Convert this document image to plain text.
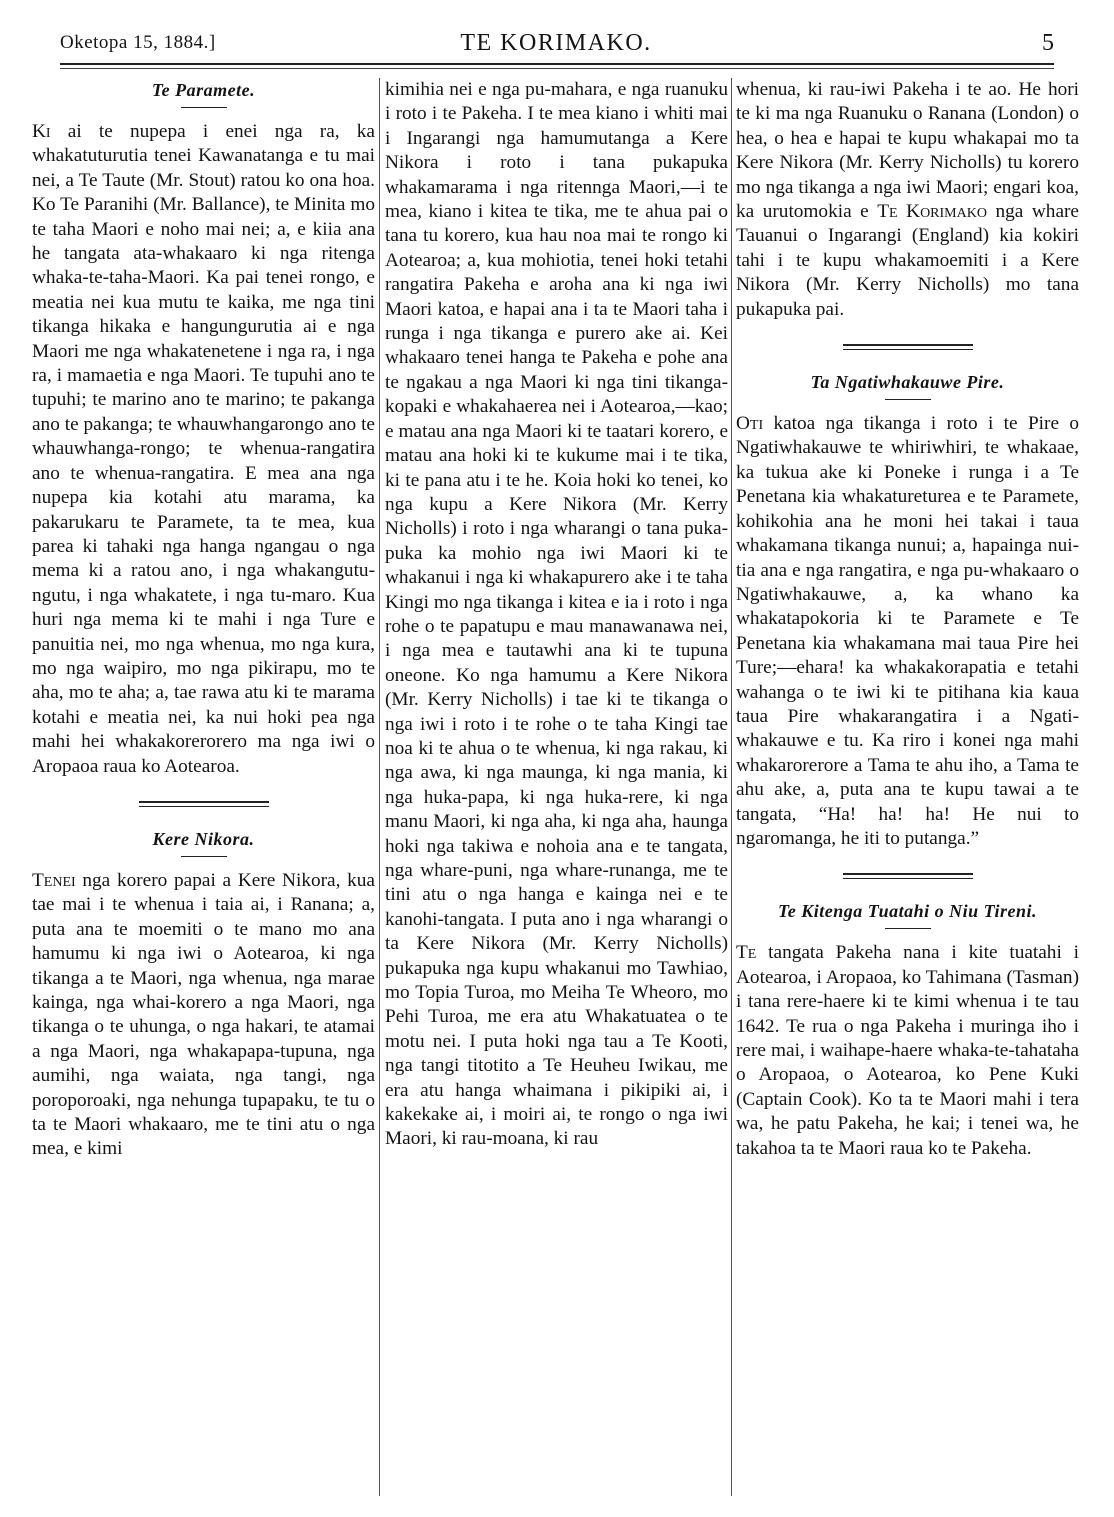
Oketopa 15, 1884.]	TE KORIMAKO.	5
Te Paramete.

Ki ai te nupepa i enei nga ra, ka whakatuturutia tenei Kawanatanga e tu mai nei, a Te Taute (Mr. Stout) ratou ko ona hoa. Ko Te Paranihi (Mr. Ballance), te Minita mo te taha Maori e noho mai nei; a, e kiia ana he tangata ata-whakaaro ki nga ritenga whaka-te-taha-Maori. Ka pai tenei rongo, e meatia nei kua mutu te kaika, me nga tini tikanga hikaka e hangungurutia ai e nga Maori me nga whakatenetene i nga ra, i nga ra, i mamaetia e nga Maori. Te tupuhi ano te tupuhi; te marino ano te marino; te pakanga ano te pakanga; te whauwhangarongo ano te whauwhanga-rongo; te whenua-rangatira ano te whenua-rangatira. E mea ana nga nupepa kia kotahi atu marama, ka pakarukaru te Paramete, ta te mea, kua parea ki tahaki nga hanga ngangau o nga mema ki a ratou ano, i nga whakangutungutu, i nga whakatete, i nga tu-maro. Kua huri nga mema ki te mahi i nga Ture e panuitia nei, mo nga whenua, mo nga kura, mo nga waipiro, mo nga pikirapu, mo te aha, mo te aha; a, tae rawa atu ki te marama kotahi e meatia nei, ka nui hoki pea nga mahi hei whakakorerorero ma nga iwi o Aropaoa raua ko Aotearoa.

Kere Nikora.

Tenei nga korero papai a Kere Nikora, kua tae mai i te whenua i taia ai, i Ranana; a, puta ana te moemiti o te mano mo ana hamumu ki nga iwi o Aotearoa, ki nga tikanga a te Maori, nga whenua, nga marae kainga, nga whai-korero a nga Maori, nga tikanga o te uhunga, o nga hakari, te atamai a nga Maori, nga whakapapa-tupuna, nga aumihi, nga waiata, nga tangi, nga poroporoaki, nga nehunga tupapaku, te tu o ta te Maori whakaaro, me te tini atu o nga mea, e kimi

kimihia nei e nga pu-mahara, e nga ruanuku i roto i te Pakeha. I te mea kiano i whiti mai i Ingarangi nga hamumutanga a Kere Nikora i roto i tana pukapuka whakamarama i nga ritennga Maori,—i te mea, kiano i kitea te tika, me te ahua pai o tana tu korero, kua hau noa mai te rongo ki Aotearoa; a, kua mohiotia, tenei hoki tetahi rangatira Pakeha e aroha ana ki nga iwi Maori katoa, e hapai ana i ta te Maori taha i runga i nga tikanga e purero ake ai. Kei whakaaro tenei hanga te Pakeha e pohe ana te ngakau a nga Maori ki nga tini tikanga-kopaki e whakahaerea nei i Aotearoa,—kao; e matau ana nga Maori ki te taatari korero, e matau ana hoki ki te kukume mai i te tika, ki te pana atu i te he. Koia hoki ko tenei, ko nga kupu a Kere Nikora (Mr. Kerry Nicholls) i roto i nga wharangi o tana pukapuka ka mohio nga iwi Maori ki te whakanui i nga ki whakapurero ake i te taha Kingi mo nga tikanga i kitea e ia i roto i nga rohe o te papatupu e mau manawanawa nei, i nga mea e tautawhi ana ki te tupuna oneone. Ko nga hamumu a Kere Nikora (Mr. Kerry Nicholls) i tae ki te tikanga o nga iwi i roto i te rohe o te taha Kingi tae noa ki te ahua o te whenua, ki nga rakau, ki nga awa, ki nga maunga, ki nga mania, ki nga huka-papa, ki nga huka-rere, ki nga manu Maori, ki nga aha, ki nga aha, haunga hoki nga takiwa e nohoia ana e te tangata, nga whare-puni, nga whare-runanga, me te tini atu o nga hanga e kainga nei e te kanohi-tangata. I puta ano i nga wharangi o ta Kere Nikora (Mr. Kerry Nicholls) pukapuka nga kupu whakanui mo Tawhiao, mo Topia Turoa, mo Meiha Te Wheoro, mo Pehi Turoa, me era atu Whakatuatea o te motu nei. I puta hoki nga tau a Te Kooti, nga tangi titotito a Te Heuheu Iwikau, me era atu hanga whaimana i pikipiki ai, i kakekake ai, i moiri ai, te rongo o nga iwi Maori, ki rau-moana, ki rau

whenua, ki rau-iwi Pakeha i te ao. He hori te ki ma nga Ruanuku o Ranana (London) o hea, o hea e hapai te kupu whakapai mo ta Kere Nikora (Mr. Kerry Nicholls) tu korero mo nga tikanga a nga iwi Maori; engari koa, ka urutomokia e Te Korimako nga whare Tauanui o Ingarangi (England) kia kokiri tahi i te kupu whakamoemiti i a Kere Nikora (Mr. Kerry Nicholls) mo tana pukapuka pai.

Ta Ngatiwhakauwe Pire.

Oti katoa nga tikanga i roto i te Pire o Ngatiwhakauwe te whiriwhiri, te whakaae, ka tukua ake ki Poneke i runga i a Te Penetana kia whakatureturea e te Paramete, kohikohia ana he moni hei takai i taua whakamana tikanga nunui; a, hapainga nuitia ana e nga rangatira, e nga pu-whakaaro o Ngatiwhakauwe, a, ka whano ka whakatapokoria ki te Paramete e Te Penetana kia whakamana mai taua Pire hei Ture;—ehara! ka whakakorapatia e tetahi wahanga o te iwi ki te pitihana kia kaua taua Pire whakarangatira i a Ngatiwhakauwe e tu. Ka riro i konei nga mahi whakarorerore a Tama te ahu iho, a Tama te ahu ake, a, puta ana te kupu tawai a te tangata, “Ha! ha! ha! He nui to ngaromanga, he iti to putanga.”

Te Kitenga Tuatahi o Niu Tireni.

Te tangata Pakeha nana i kite tuatahi i Aotearoa, i Aropaoa, ko Tahimana (Tasman) i tana rere-haere ki te kimi whenua i te tau 1642. Te rua o nga Pakeha i muringa iho i rere mai, i waihape-haere whaka-te-tahataha o Aropaoa, o Aotearoa, ko Pene Kuki (Captain Cook). Ko ta te Maori mahi i tera wa, he patu Pakeha, he kai; i tenei wa, he takahoa ta te Maori raua ko te Pakeha.
